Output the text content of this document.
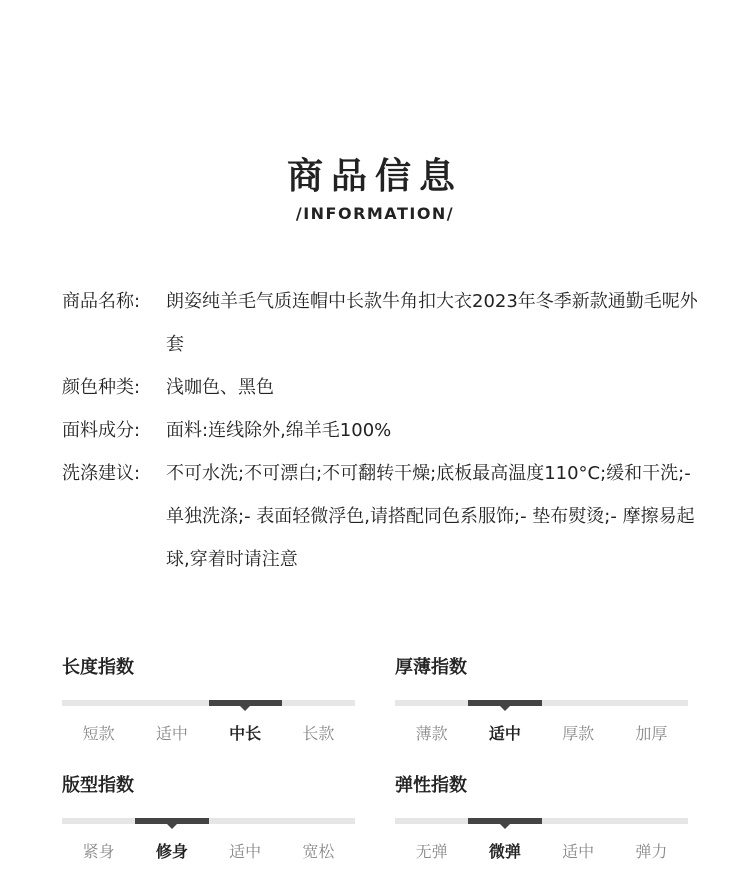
商品信息
/INFORMATION/
商品名称:	朗姿纯羊毛气质连帽中长款牛角扣大衣2023年冬季新款通勤毛呢外套
颜色种类:	浅咖色、黑色
面料成分:	面料:连线除外,绵羊毛100%
洗涤建议:	不可水洗;不可漂白;不可翻转干燥;底板最高温度110°C;缓和干洗;- 单独洗涤;- 表面轻微浮色,请搭配同色系服饰;- 垫布熨烫;- 摩擦易起球,穿着时请注意
长度指数
短款	适中	中长	长款
厚薄指数
薄款	适中	厚款	加厚
版型指数
紧身	修身	适中	宽松
弹性指数
无弹	微弹	适中	弹力
